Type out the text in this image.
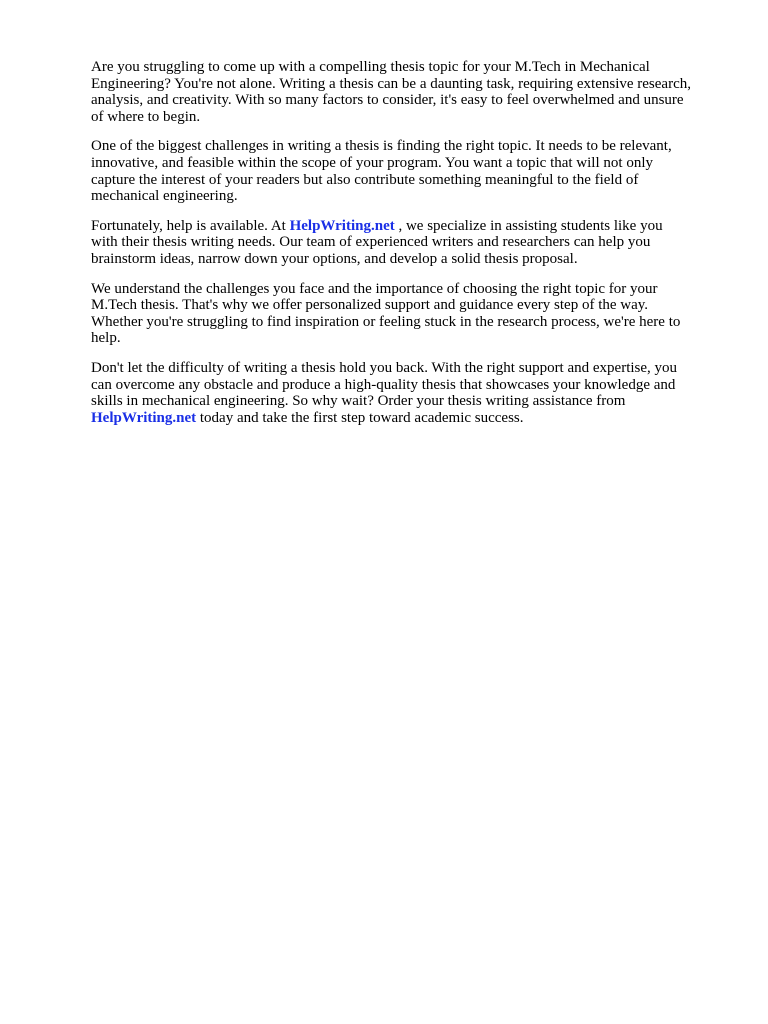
Are you struggling to come up with a compelling thesis topic for your M.Tech in Mechanical
Engineering? You're not alone. Writing a thesis can be a daunting task, requiring extensive research,
analysis, and creativity. With so many factors to consider, it's easy to feel overwhelmed and unsure
of where to begin.

One of the biggest challenges in writing a thesis is finding the right topic. It needs to be relevant,
innovative, and feasible within the scope of your program. You want a topic that will not only
capture the interest of your readers but also contribute something meaningful to the field of
mechanical engineering.

Fortunately, help is available. At HelpWriting.net , we specialize in assisting students like you
with their thesis writing needs. Our team of experienced writers and researchers can help you
brainstorm ideas, narrow down your options, and develop a solid thesis proposal.

We understand the challenges you face and the importance of choosing the right topic for your
M.Tech thesis. That's why we offer personalized support and guidance every step of the way.
Whether you're struggling to find inspiration or feeling stuck in the research process, we're here to
help.

Don't let the difficulty of writing a thesis hold you back. With the right support and expertise, you
can overcome any obstacle and produce a high-quality thesis that showcases your knowledge and
skills in mechanical engineering. So why wait? Order your thesis writing assistance from
HelpWriting.net today and take the first step toward academic success.
